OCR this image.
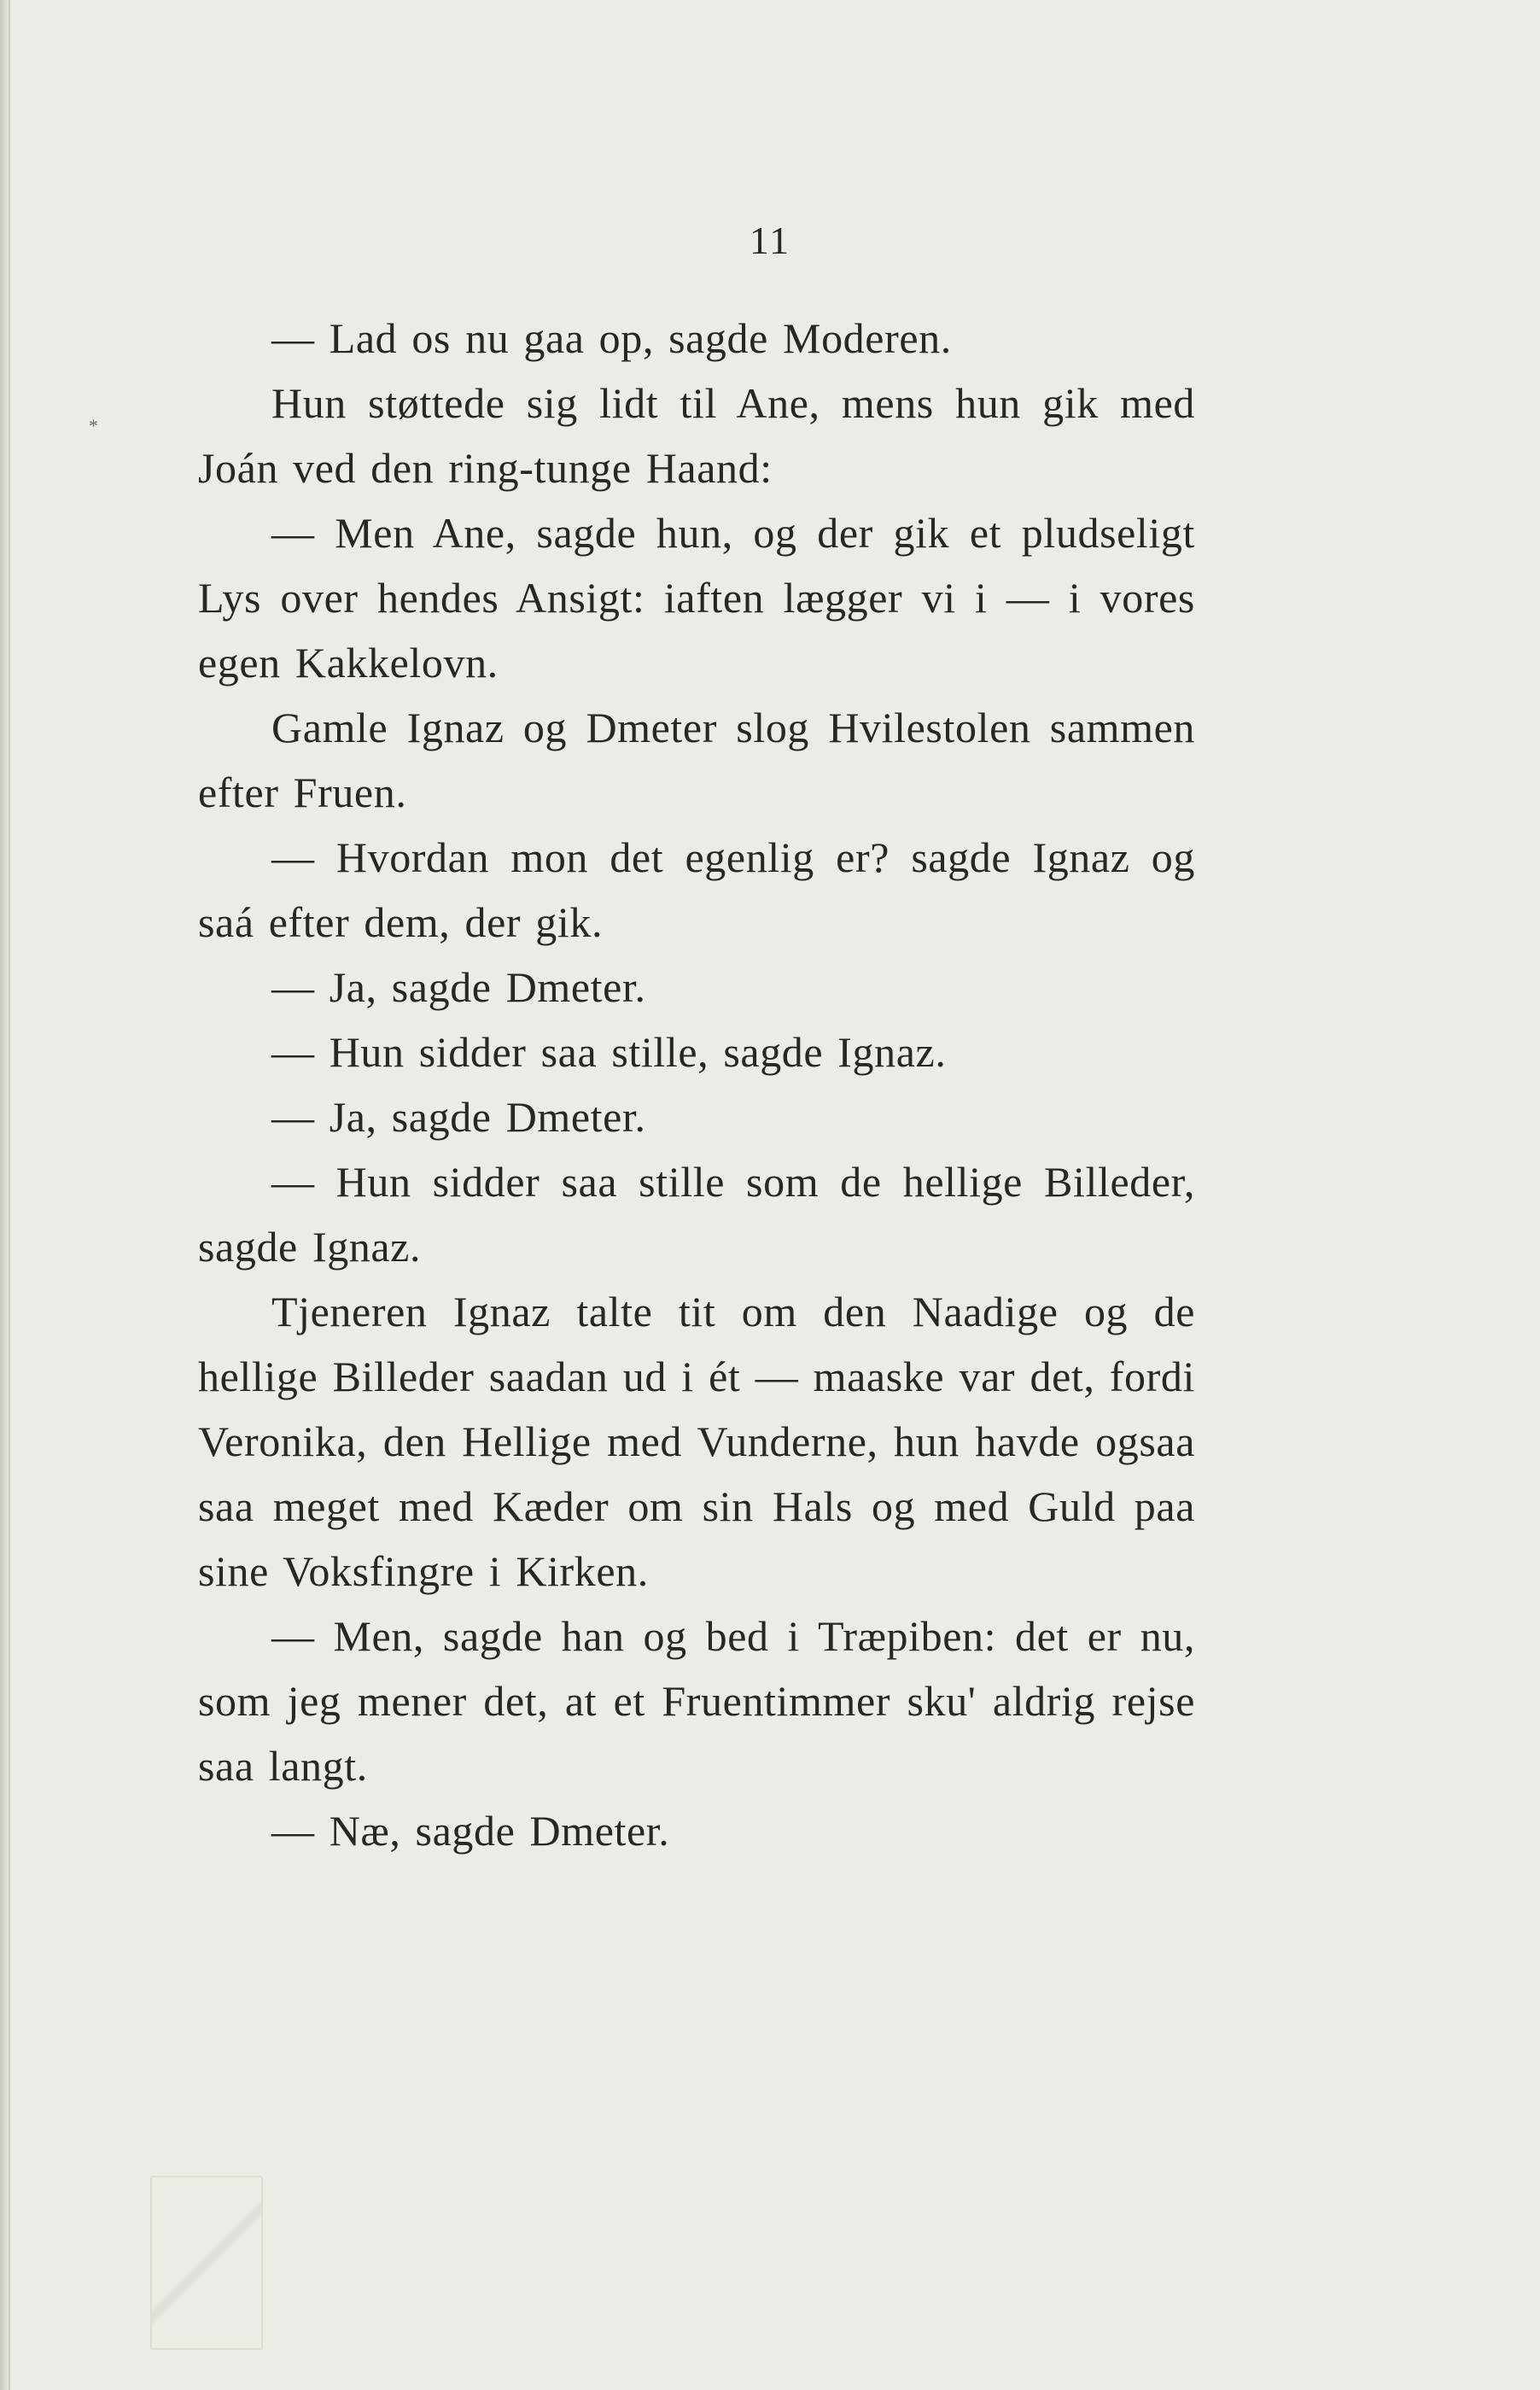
*
11

— Lad os nu gaa op, sagde Moderen.

Hun støttede sig lidt til Ane, mens hun gik med Joán ved den ring-tunge Haand:

— Men Ane, sagde hun, og der gik et pludseligt Lys over hendes Ansigt: iaften lægger vi i — i vores egen Kakkelovn.

Gamle Ignaz og Dmeter slog Hvilestolen sammen efter Fruen.

— Hvordan mon det egenlig er? sagde Ignaz og saá efter dem, der gik.

— Ja, sagde Dmeter.

— Hun sidder saa stille, sagde Ignaz.

— Ja, sagde Dmeter.

— Hun sidder saa stille som de hellige Billeder, sagde Ignaz.

Tjeneren Ignaz talte tit om den Naadige og de hellige Billeder saadan ud i ét — maaske var det, fordi Veronika, den Hellige med Vunderne, hun havde ogsaa saa meget med Kæder om sin Hals og med Guld paa sine Voksfingre i Kirken.

— Men, sagde han og bed i Træpiben: det er nu, som jeg mener det, at et Fruentimmer sku' aldrig rejse saa langt.

— Næ, sagde Dmeter.
